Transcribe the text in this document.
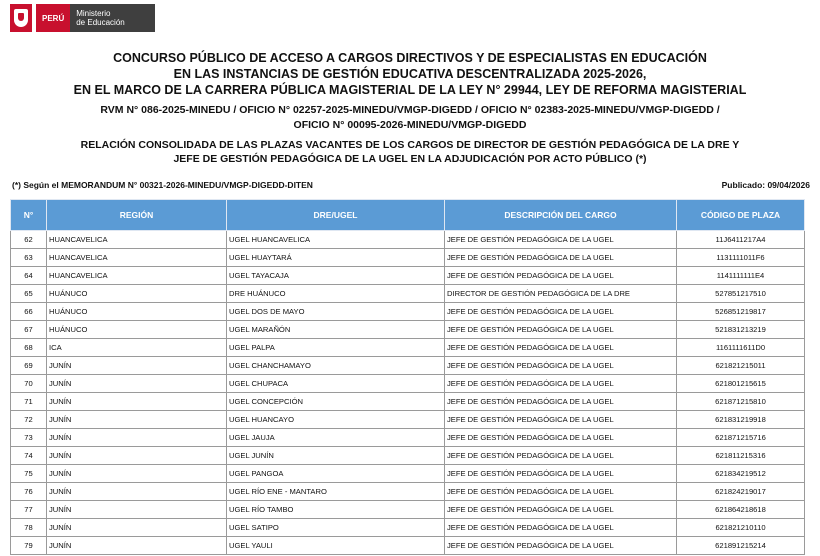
PERÚ	Ministerio
de Educación
CONCURSO PÚBLICO DE ACCESO A CARGOS DIRECTIVOS Y DE ESPECIALISTAS EN EDUCACIÓN
EN LAS INSTANCIAS DE GESTIÓN EDUCATIVA DESCENTRALIZADA 2025-2026,
EN EL MARCO DE LA CARRERA PÚBLICA MAGISTERIAL DE LA LEY N° 29944, LEY DE REFORMA MAGISTERIAL
RVM N° 086-2025-MINEDU / OFICIO N° 02257-2025-MINEDU/VMGP-DIGEDD / OFICIO N° 02383-2025-MINEDU/VMGP-DIGEDD /
OFICIO N° 00095-2026-MINEDU/VMGP-DIGEDD
RELACIÓN CONSOLIDADA DE LAS PLAZAS VACANTES DE LOS CARGOS DE DIRECTOR DE GESTIÓN PEDAGÓGICA DE LA DRE Y
JEFE DE GESTIÓN PEDAGÓGICA DE LA UGEL EN LA ADJUDICACIÓN POR ACTO PÚBLICO (*)
(*) Según el MEMORANDUM N° 00321-2026-MINEDU/VMGP-DIGEDD-DITEN	Publicado: 09/04/2026
N°	REGIÓN	DRE/UGEL	DESCRIPCIÓN DEL CARGO	CÓDIGO DE PLAZA
62	HUANCAVELICA	UGEL HUANCAVELICA	JEFE DE GESTIÓN PEDAGÓGICA DE LA UGEL	11J6411217A4
63	HUANCAVELICA	UGEL HUAYTARÁ	JEFE DE GESTIÓN PEDAGÓGICA DE LA UGEL	1131111011F6
64	HUANCAVELICA	UGEL TAYACAJA	JEFE DE GESTIÓN PEDAGÓGICA DE LA UGEL	1141111111E4
65	HUÁNUCO	DRE HUÁNUCO	DIRECTOR DE GESTIÓN PEDAGÓGICA DE LA DRE	527851217510
66	HUÁNUCO	UGEL DOS DE MAYO	JEFE DE GESTIÓN PEDAGÓGICA DE LA UGEL	526851219817
67	HUÁNUCO	UGEL MARAÑÓN	JEFE DE GESTIÓN PEDAGÓGICA DE LA UGEL	521831213219
68	ICA	UGEL PALPA	JEFE DE GESTIÓN PEDAGÓGICA DE LA UGEL	1161111611D0
69	JUNÍN	UGEL CHANCHAMAYO	JEFE DE GESTIÓN PEDAGÓGICA DE LA UGEL	621821215011
70	JUNÍN	UGEL CHUPACA	JEFE DE GESTIÓN PEDAGÓGICA DE LA UGEL	621801215615
71	JUNÍN	UGEL CONCEPCIÓN	JEFE DE GESTIÓN PEDAGÓGICA DE LA UGEL	621871215810
72	JUNÍN	UGEL HUANCAYO	JEFE DE GESTIÓN PEDAGÓGICA DE LA UGEL	621831219918
73	JUNÍN	UGEL JAUJA	JEFE DE GESTIÓN PEDAGÓGICA DE LA UGEL	621871215716
74	JUNÍN	UGEL JUNÍN	JEFE DE GESTIÓN PEDAGÓGICA DE LA UGEL	621811215316
75	JUNÍN	UGEL PANGOA	JEFE DE GESTIÓN PEDAGÓGICA DE LA UGEL	621834219512
76	JUNÍN	UGEL RÍO ENE - MANTARO	JEFE DE GESTIÓN PEDAGÓGICA DE LA UGEL	621824219017
77	JUNÍN	UGEL RÍO TAMBO	JEFE DE GESTIÓN PEDAGÓGICA DE LA UGEL	621864218618
78	JUNÍN	UGEL SATIPO	JEFE DE GESTIÓN PEDAGÓGICA DE LA UGEL	621821210110
79	JUNÍN	UGEL YAULI	JEFE DE GESTIÓN PEDAGÓGICA DE LA UGEL	621891215214
